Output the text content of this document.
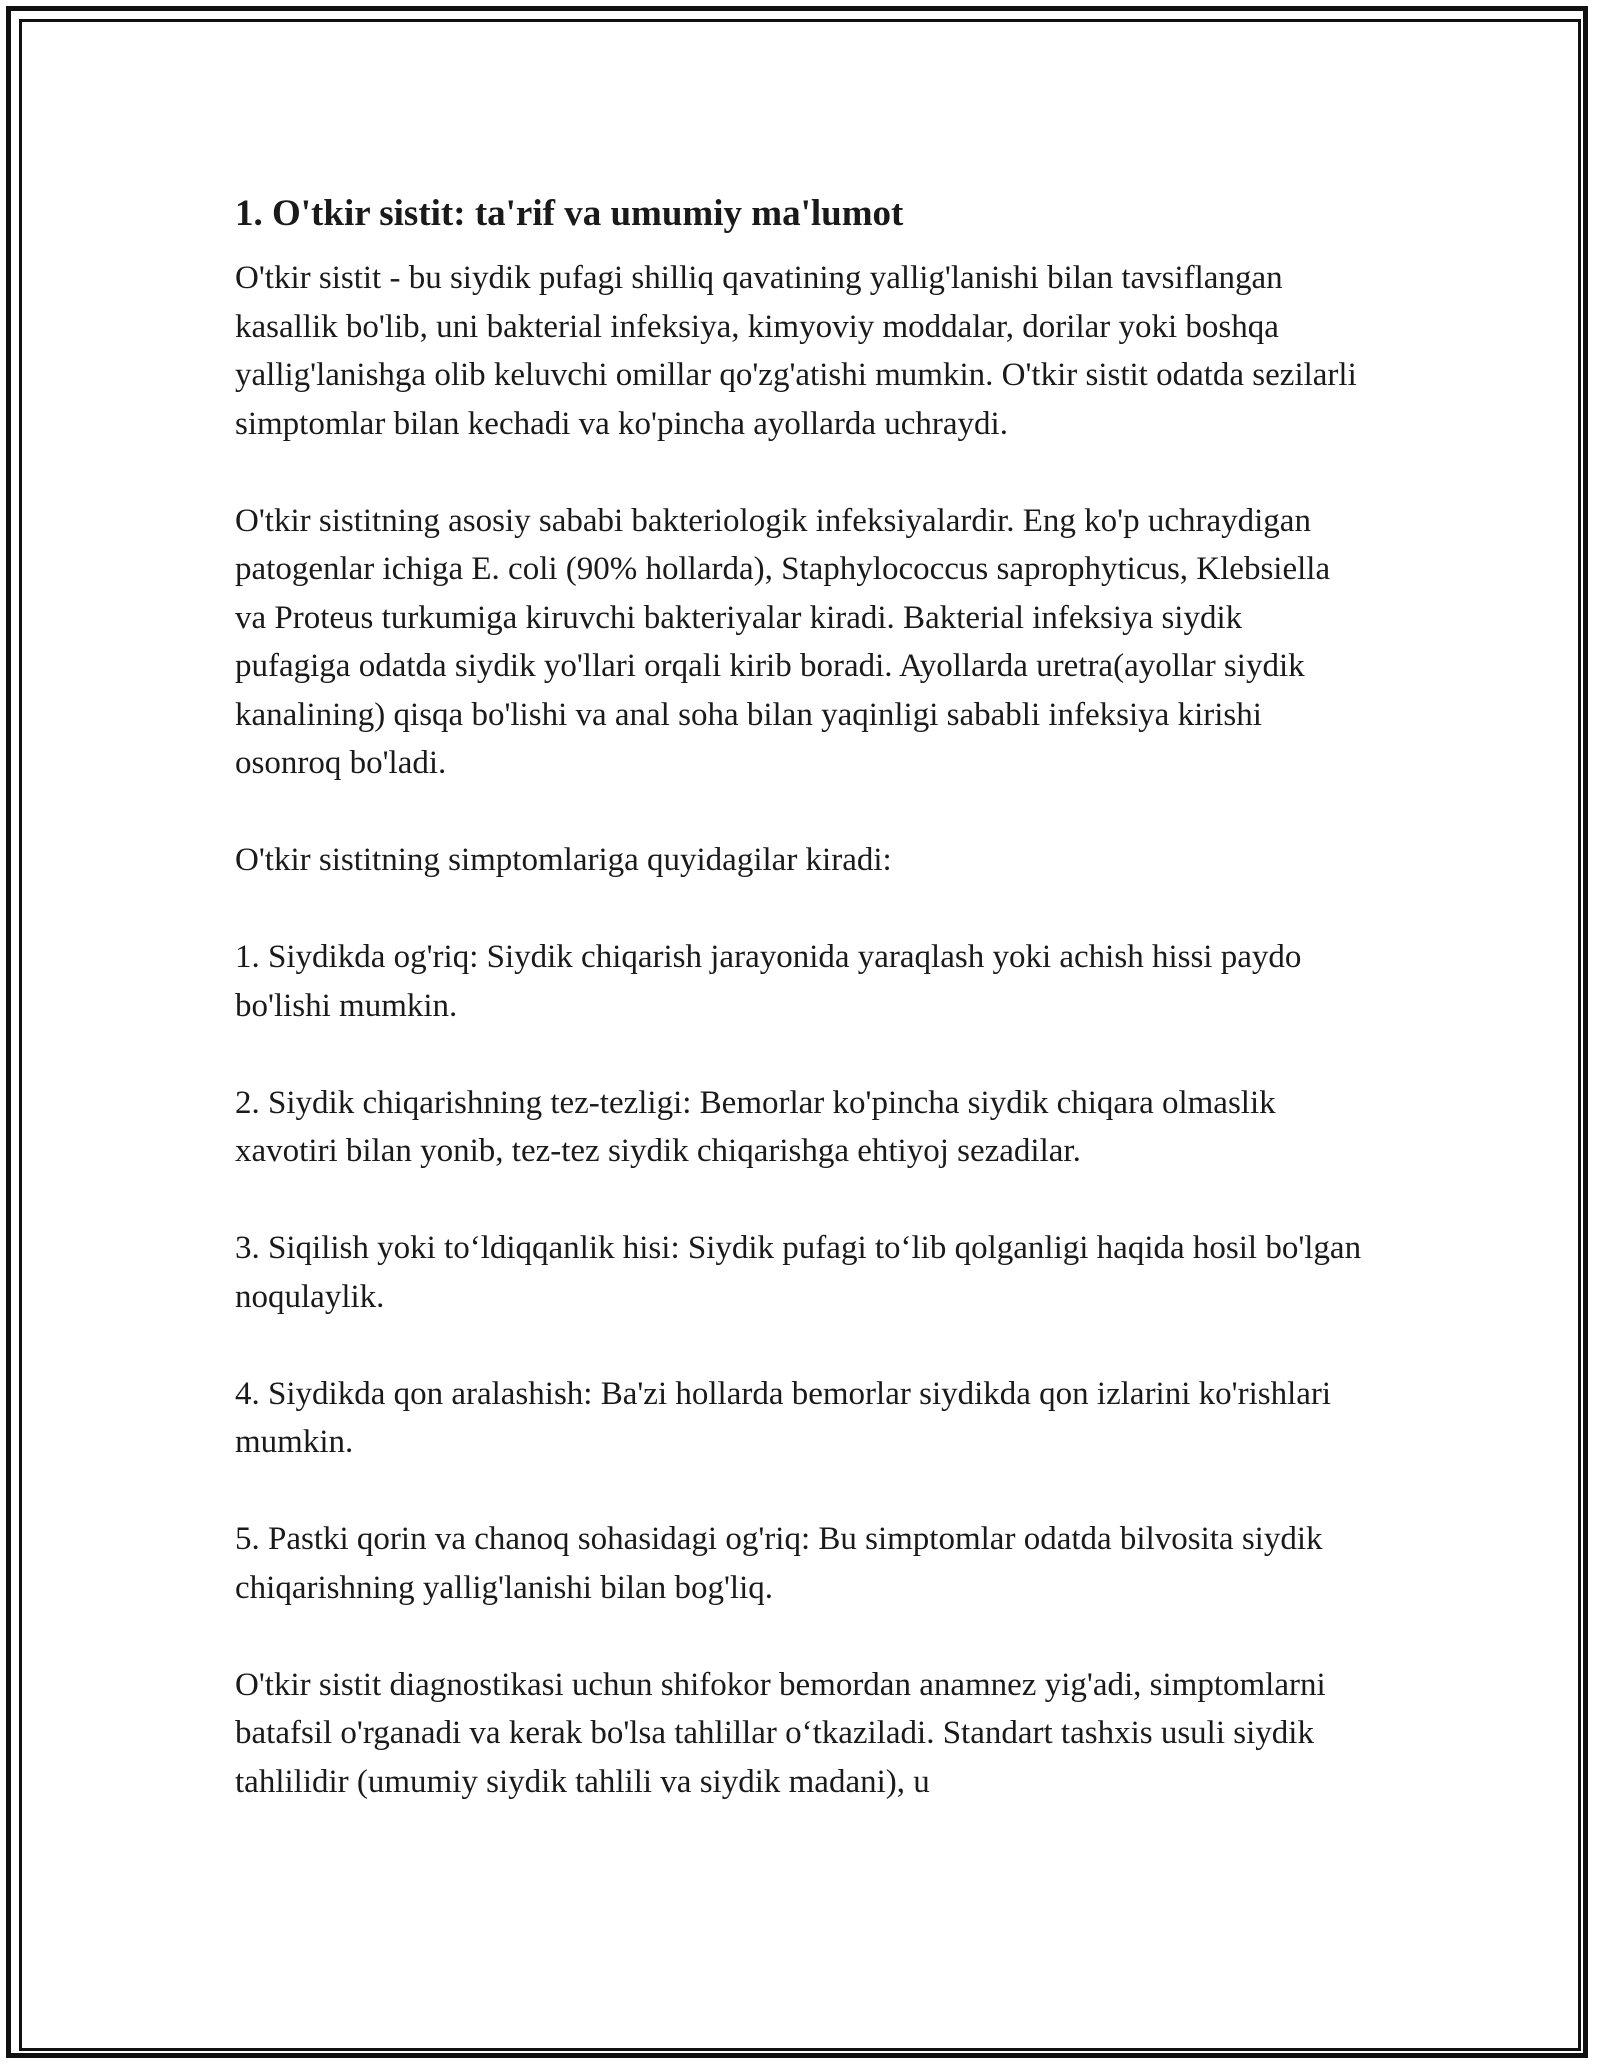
1. O'tkir sistit: ta'rif va umumiy ma'lumot

O'tkir sistit - bu siydik pufagi shilliq qavatining yallig'lanishi bilan tavsiflangan kasallik bo'lib, uni bakterial infeksiya, kimyoviy moddalar, dorilar yoki boshqa yallig'lanishga olib keluvchi omillar qo'zg'atishi mumkin. O'tkir sistit odatda sezilarli simptomlar bilan kechadi va ko'pincha ayollarda uchraydi.

O'tkir sistitning asosiy sababi bakteriologik infeksiyalardir. Eng ko'p uchraydigan patogenlar ichiga E. coli (90% hollarda), Staphylococcus saprophyticus, Klebsiella va Proteus turkumiga kiruvchi bakteriyalar kiradi. Bakterial infeksiya siydik pufagiga odatda siydik yo'llari orqali kirib boradi. Ayollarda uretra(ayollar siydik kanalining) qisqa bo'lishi va anal soha bilan yaqinligi sababli infeksiya kirishi osonroq bo'ladi.

O'tkir sistitning simptomlariga quyidagilar kiradi:

1. Siydikda og'riq: Siydik chiqarish jarayonida yaraqlash yoki achish hissi paydo bo'lishi mumkin.

2. Siydik chiqarishning tez-tezligi: Bemorlar ko'pincha siydik chiqara olmaslik xavotiri bilan yonib, tez-tez siydik chiqarishga ehtiyoj sezadilar.

3. Siqilish yoki to‘ldiqqanlik hisi: Siydik pufagi to‘lib qolganligi haqida hosil bo'lgan noqulaylik.

4. Siydikda qon aralashish: Ba'zi hollarda bemorlar siydikda qon izlarini ko'rishlari mumkin.

5. Pastki qorin va chanoq sohasidagi og'riq: Bu simptomlar odatda bilvosita siydik chiqarishning yallig'lanishi bilan bog'liq.

O'tkir sistit diagnostikasi uchun shifokor bemordan anamnez yig'adi, simptomlarni batafsil o'rganadi va kerak bo'lsa tahlillar o‘tkaziladi. Standart tashxis usuli siydik tahlilidir (umumiy siydik tahlili va siydik madani), u
